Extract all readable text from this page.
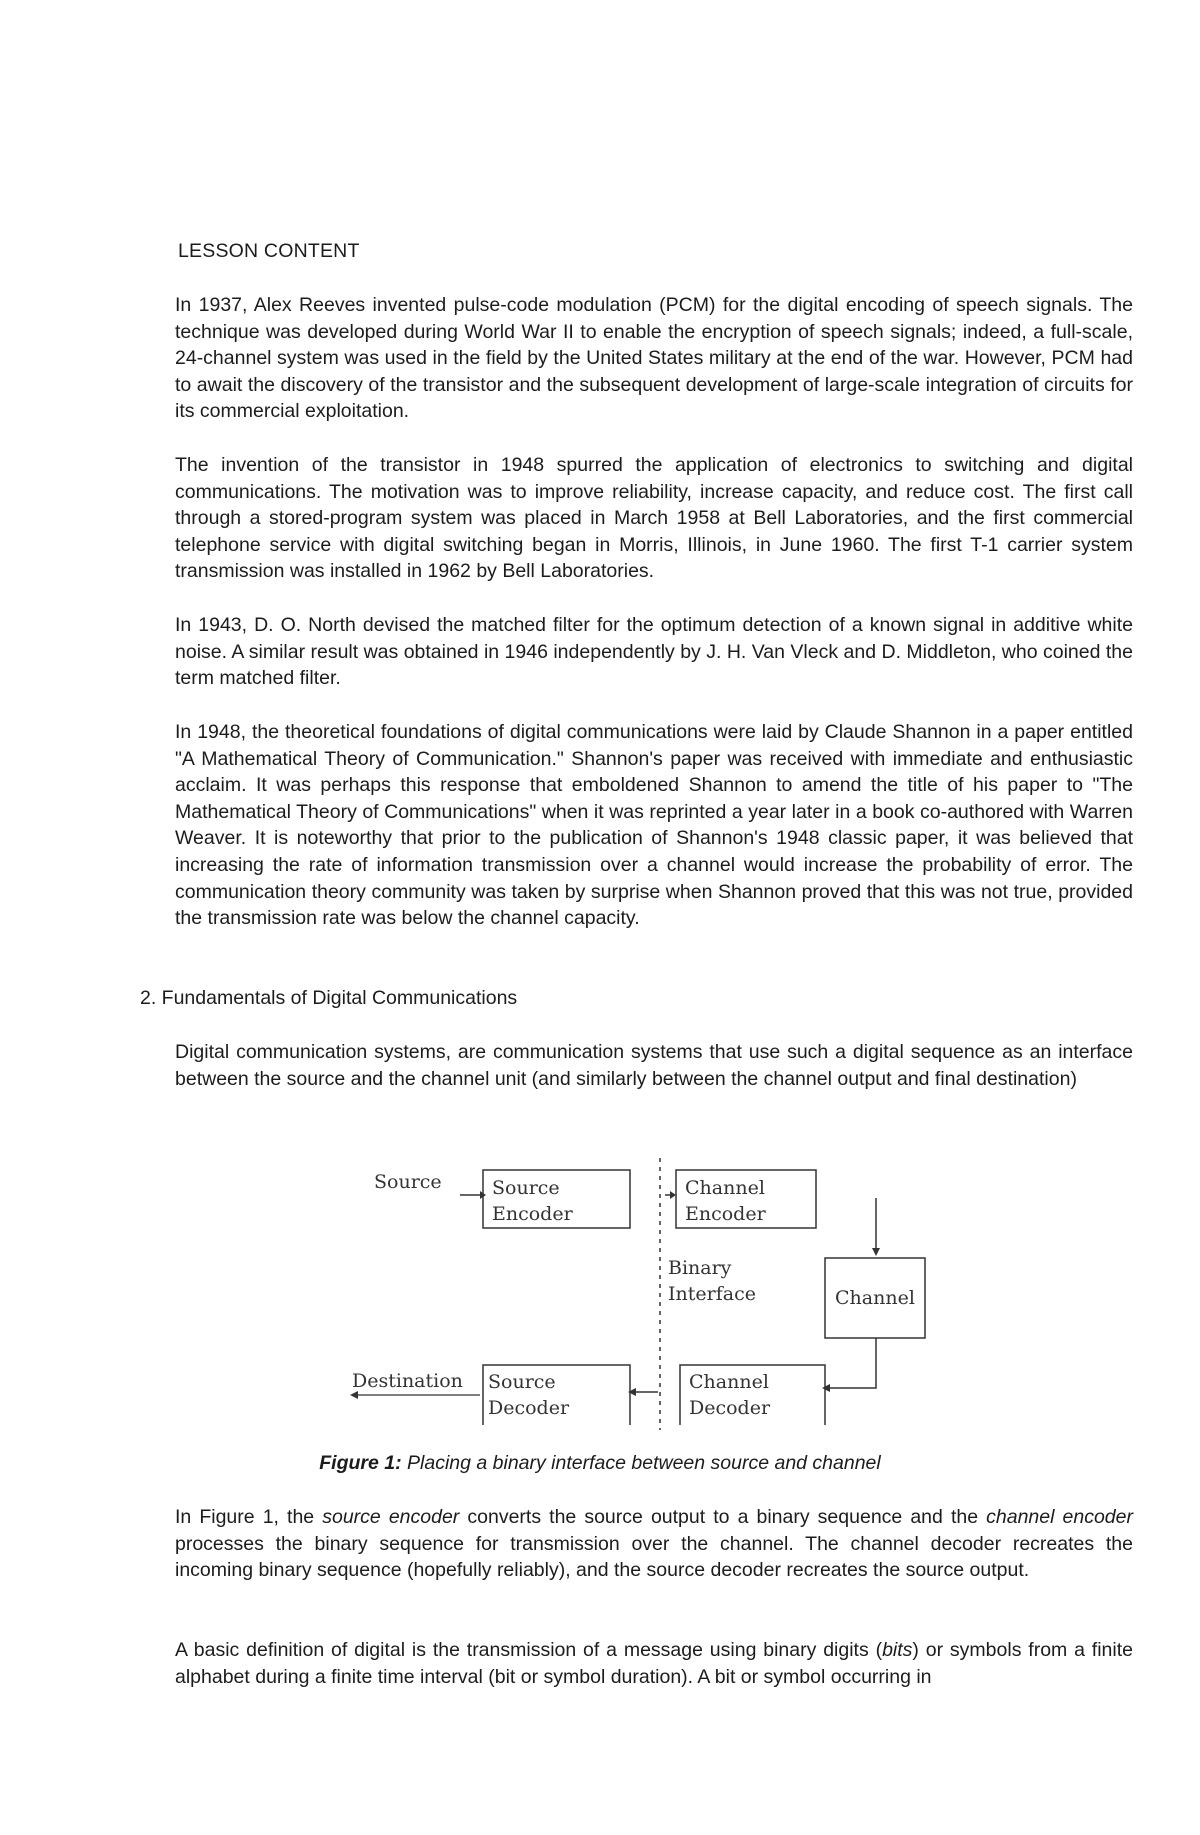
LESSON CONTENT

In 1937, Alex Reeves invented pulse-code modulation (PCM) for the digital encoding of speech signals. The technique was developed during World War II to enable the encryption of speech signals; indeed, a full-scale, 24-channel system was used in the field by the United States military at the end of the war. However, PCM had to await the discovery of the transistor and the subsequent development of large-scale integration of circuits for its commercial exploitation.

The invention of the transistor in 1948 spurred the application of electronics to switching and digital communications. The motivation was to improve reliability, increase capacity, and reduce cost. The first call through a stored-program system was placed in March 1958 at Bell Laboratories, and the first commercial telephone service with digital switching began in Morris, Illinois, in June 1960. The first T-1 carrier system transmission was installed in 1962 by Bell Laboratories.

In 1943, D. O. North devised the matched filter for the optimum detection of a known signal in additive white noise. A similar result was obtained in 1946 independently by J. H. Van Vleck and D. Middleton, who coined the term matched filter.

In 1948, the theoretical foundations of digital communications were laid by Claude Shannon in a paper entitled "A Mathematical Theory of Communication." Shannon's paper was received with immediate and enthusiastic acclaim. It was perhaps this response that emboldened Shannon to amend the title of his paper to "The Mathematical Theory of Communications" when it was reprinted a year later in a book co-authored with Warren Weaver. It is noteworthy that prior to the publication of Shannon's 1948 classic paper, it was believed that increasing the rate of information transmission over a channel would increase the probability of error. The communication theory community was taken by surprise when Shannon proved that this was not true, provided the transmission rate was below the channel capacity.

2. Fundamentals of Digital Communications

Digital communication systems, are communication systems that use such a digital sequence as an interface between the source and the channel unit (and similarly between the channel output and final destination)

Source	Source
Encoder
Binary
Interface
Channel
Encoder
Channel
Channel
Decoder
Source
Decoder
Destination
Figure 1: Placing a binary interface between source and channel

In Figure 1, the source encoder converts the source output to a binary sequence and the channel encoder processes the binary sequence for transmission over the channel. The channel decoder recreates the incoming binary sequence (hopefully reliably), and the source decoder recreates the source output.

A basic definition of digital is the transmission of a message using binary digits (bits) or symbols from a finite alphabet during a finite time interval (bit or symbol duration). A bit or symbol occurring in
